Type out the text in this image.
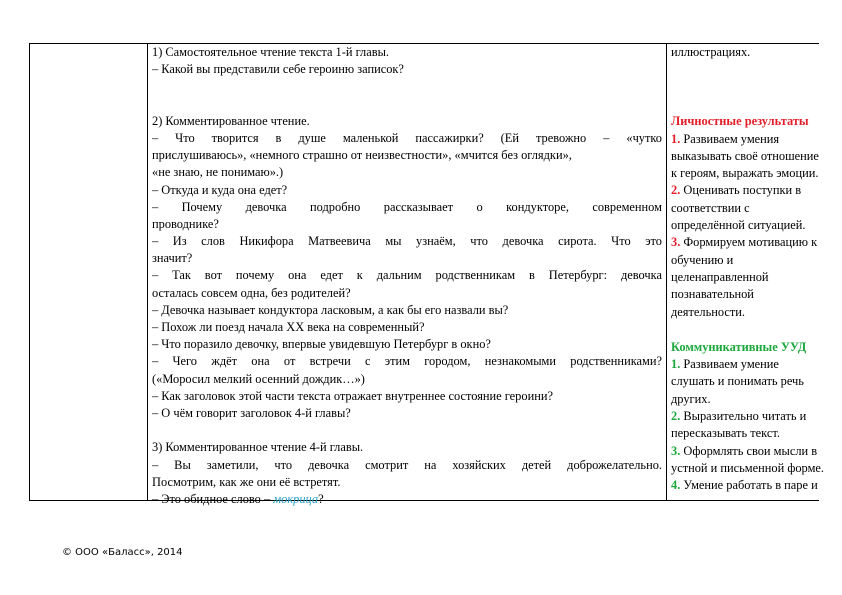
1) Самостоятельное чтение текста 1-й главы.
– Какой вы представили себе героиню записок?
2) Комментированное чтение.
– Что творится в душе маленькой пассажирки? (Ей тревожно – «чутко
прислушиваюсь», «немного страшно от неизвестности», «мчится без оглядки»,
«не знаю, не понимаю».)
– Откуда и куда она едет?
– Почему девочка подробно рассказывает о кондукторе, современном
проводнике?
– Из слов Никифора Матвеевича мы узнаём, что девочка сирота. Что это
значит?
– Так вот почему она едет к дальним родственникам в Петербург: девочка
осталась совсем одна, без родителей?
– Девочка называет кондуктора ласковым, а как бы его назвали вы?
– Похож ли поезд начала XX века на современный?
– Что поразило девочку, впервые увидевшую Петербург в окно?
– Чего ждёт она от встречи с этим городом, незнакомыми родственниками?
(«Моросил мелкий осенний дождик…»)
– Как заголовок этой части текста отражает внутреннее состояние героини?
– О чём говорит заголовок 4-й главы?
3) Комментированное чтение 4-й главы.
– Вы заметили, что девочка смотрит на хозяйских детей доброжелательно.
Посмотрим, как же они её встретят.
– Это обидное слово – мокрица?
иллюстрациях.
Личностные результаты
1. Развиваем умения
выказывать своё отношение
к героям, выражать эмоции.
2. Оценивать поступки в
соответствии с
определённой ситуацией.
3. Формируем мотивацию к
обучению и
целенаправленной
познавательной
деятельности.
Коммуникативные УУД
1. Развиваем умение
слушать и понимать речь
других.
2. Выразительно читать и
пересказывать текст.
3. Оформлять свои мысли в
устной и письменной форме.
4. Умение работать в паре и
© ООО «Баласс», 2014
